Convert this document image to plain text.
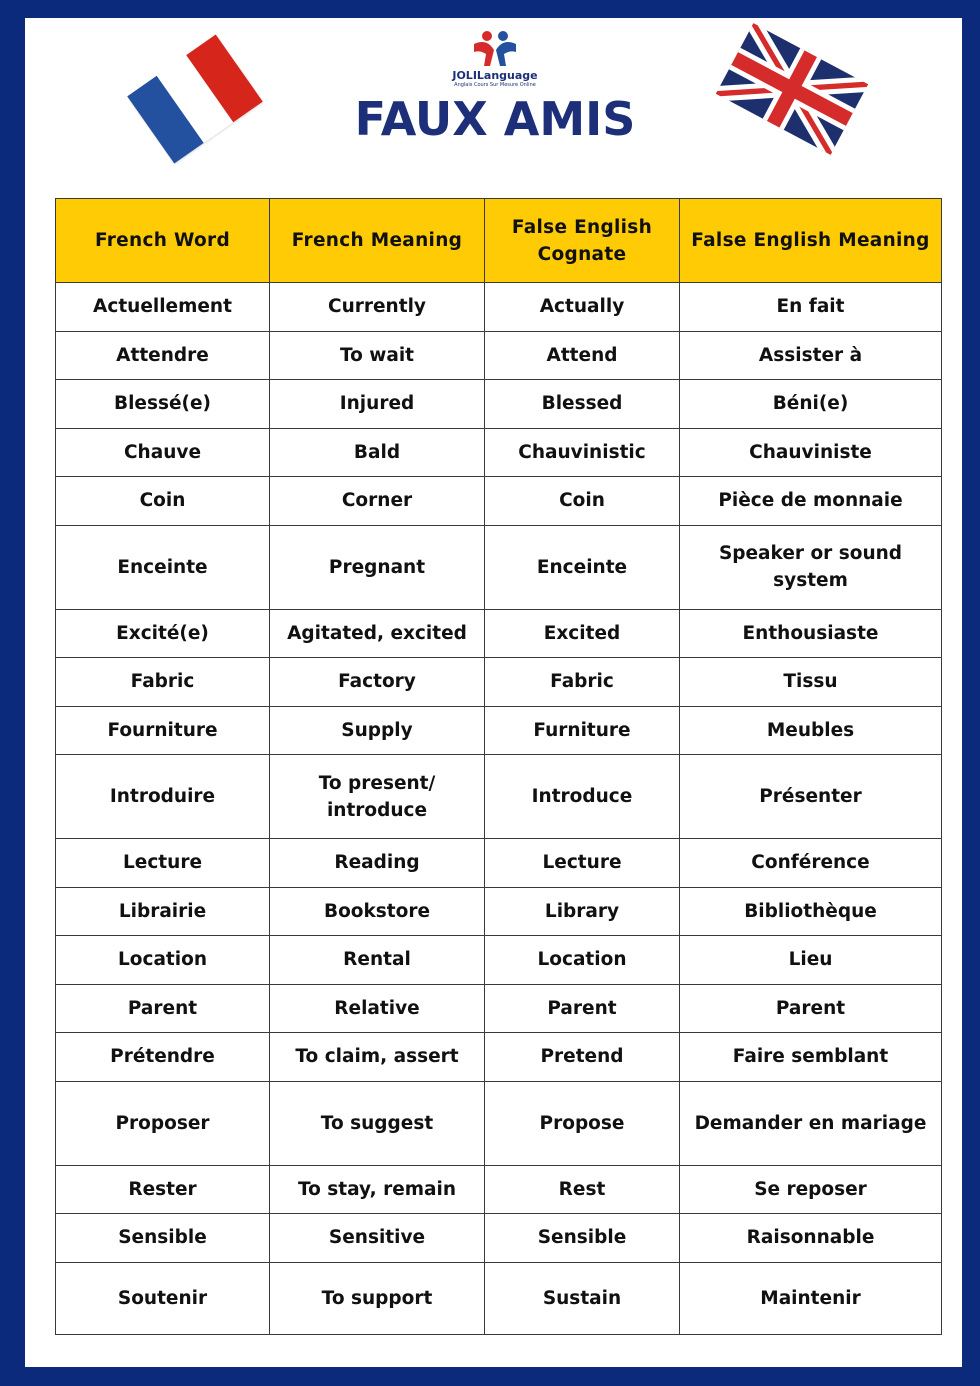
JOLILanguage
Anglais Cours Sur Mesure Online
FAUX AMIS
French Word	French Meaning	False English Cognate	False English Meaning
Actuellement	Currently	Actually	En fait
Attendre	To wait	Attend	Assister à
Blessé(e)	Injured	Blessed	Béni(e)
Chauve	Bald	Chauvinistic	Chauviniste
Coin	Corner	Coin	Pièce de monnaie
Enceinte	Pregnant	Enceinte	Speaker or sound system
Excité(e)	Agitated, excited	Excited	Enthousiaste
Fabric	Factory	Fabric	Tissu
Fourniture	Supply	Furniture	Meubles
Introduire	To present/ introduce	Introduce	Présenter
Lecture	Reading	Lecture	Conférence
Librairie	Bookstore	Library	Bibliothèque
Location	Rental	Location	Lieu
Parent	Relative	Parent	Parent
Prétendre	To claim, assert	Pretend	Faire semblant
Proposer	To suggest	Propose	Demander en mariage
Rester	To stay, remain	Rest	Se reposer
Sensible	Sensitive	Sensible	Raisonnable
Soutenir	To support	Sustain	Maintenir
